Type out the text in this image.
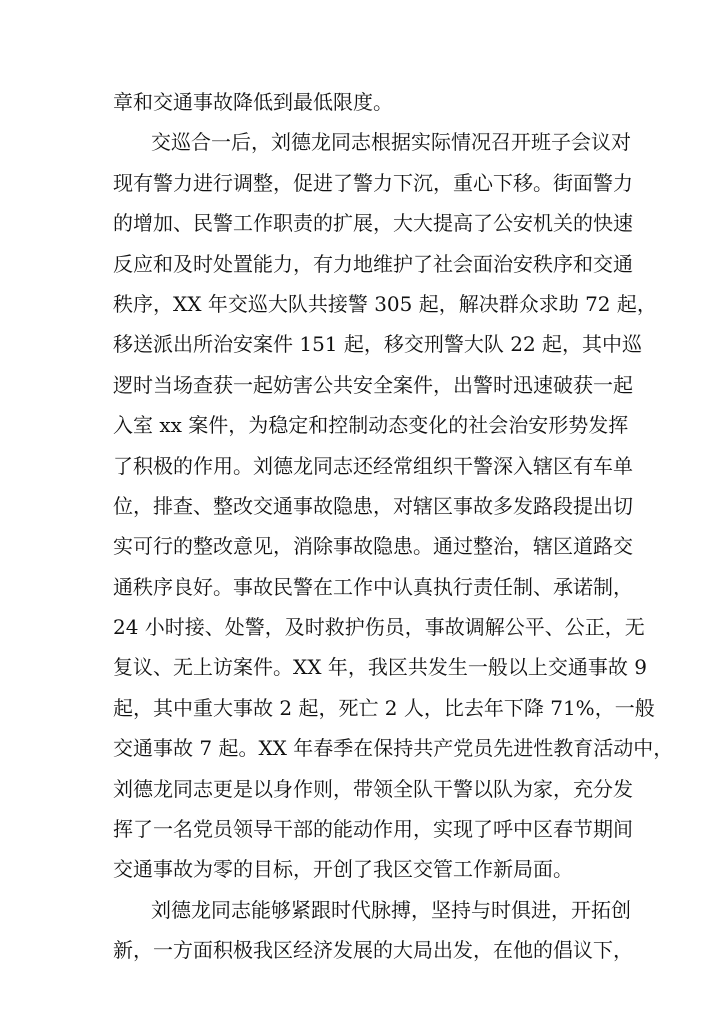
章和交通事故降低到最低限度。
交巡合一后，刘德龙同志根据实际情况召开班子会议对
现有警力进行调整，促进了警力下沉，重心下移。街面警力
的增加、民警工作职责的扩展，大大提高了公安机关的快速
反应和及时处置能力，有力地维护了社会面治安秩序和交通
秩序，XX 年交巡大队共接警 305 起，解决群众求助 72 起，
移送派出所治安案件 151 起，移交刑警大队 22 起，其中巡
逻时当场查获一起妨害公共安全案件，出警时迅速破获一起
入室 xx 案件，为稳定和控制动态变化的社会治安形势发挥
了积极的作用。刘德龙同志还经常组织干警深入辖区有车单
位，排查、整改交通事故隐患，对辖区事故多发路段提出切
实可行的整改意见，消除事故隐患。通过整治，辖区道路交
通秩序良好。事故民警在工作中认真执行责任制、承诺制，
24 小时接、处警，及时救护伤员，事故调解公平、公正，无
复议、无上访案件。XX 年，我区共发生一般以上交通事故 9
起，其中重大事故 2 起，死亡 2 人，比去年下降 71%，一般
交通事故 7 起。XX 年春季在保持共产党员先进性教育活动中，
刘德龙同志更是以身作则，带领全队干警以队为家，充分发
挥了一名党员领导干部的能动作用，实现了呼中区春节期间
交通事故为零的目标，开创了我区交管工作新局面。
刘德龙同志能够紧跟时代脉搏，坚持与时俱进，开拓创
新，一方面积极我区经济发展的大局出发，在他的倡议下，
